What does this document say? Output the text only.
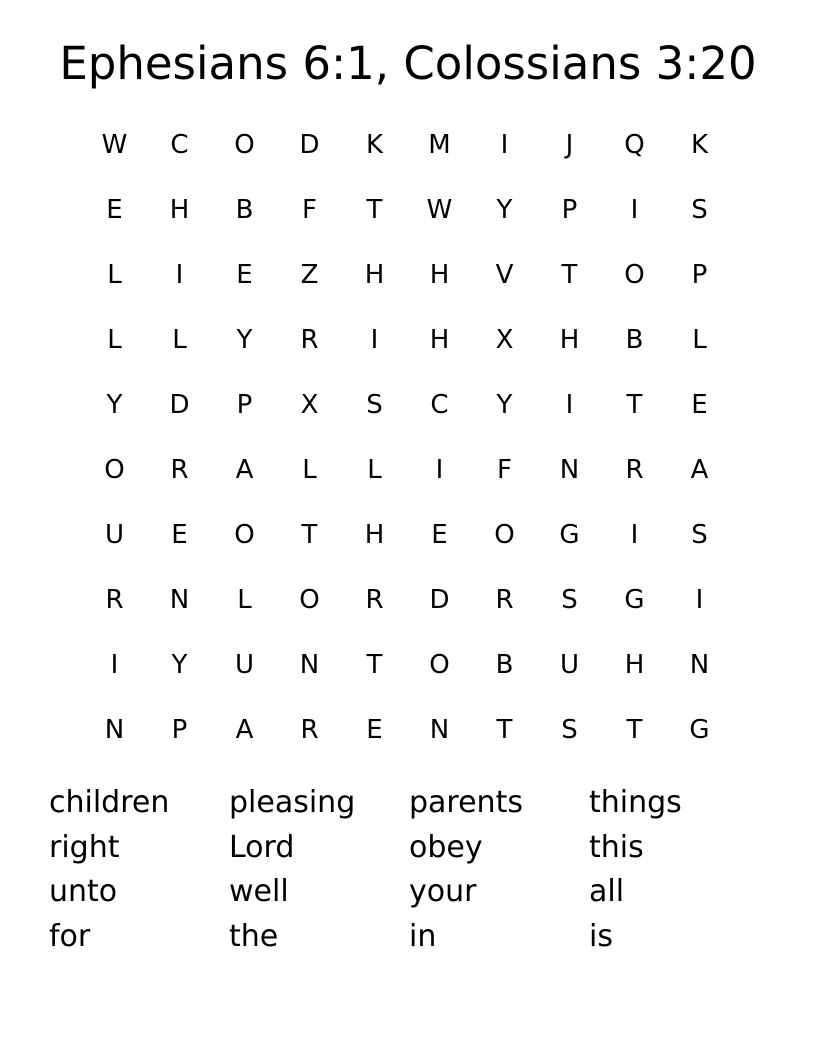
Ephesians 6:1, Colossians 3:20
W	C	O	D	K	M	I	J	Q	K
E	H	B	F	T	W	Y	P	I	S
L	I	E	Z	H	H	V	T	O	P
L	L	Y	R	I	H	X	H	B	L
Y	D	P	X	S	C	Y	I	T	E
O	R	A	L	L	I	F	N	R	A
U	E	O	T	H	E	O	G	I	S
R	N	L	O	R	D	R	S	G	I
I	Y	U	N	T	O	B	U	H	N
N	P	A	R	E	N	T	S	T	G
children	pleasing	parents	things
right	Lord	obey	this
unto	well	your	all
for	the	in	is
